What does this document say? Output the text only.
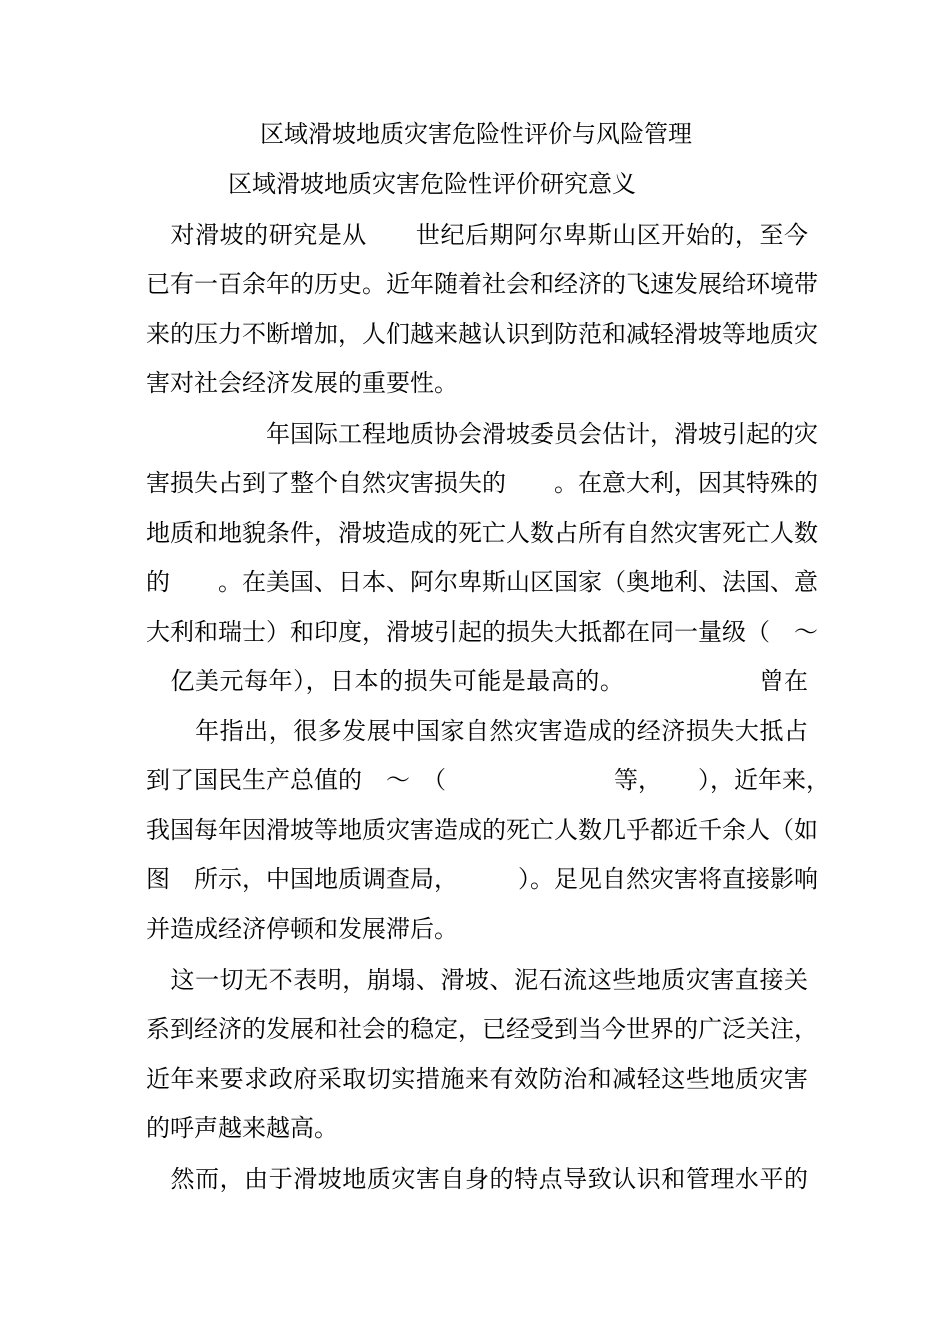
区域滑坡地质灾害危险性评价与风险管理
区域滑坡地质灾害危险性评价研究意义
　对滑坡的研究是从　　世纪后期阿尔卑斯山区开始的，至今
已有一百余年的历史。近年随着社会和经济的飞速发展给环境带
来的压力不断增加，人们越来越认识到防范和减轻滑坡等地质灾
害对社会经济发展的重要性。
　　　　　年国际工程地质协会滑坡委员会估计，滑坡引起的灾
害损失占到了整个自然灾害损失的　　。在意大利，因其特殊的
地质和地貌条件，滑坡造成的死亡人数占所有自然灾害死亡人数
的　　。在美国、日本、阿尔卑斯山区国家（奥地利、法国、意
大利和瑞士）和印度，滑坡引起的损失大抵都在同一量级（　～
　亿美元每年），日本的损失可能是最高的。　　　　　　曾在
　　年指出，很多发展中国家自然灾害造成的经济损失大抵占
到了国民生产总值的　～　（　　　　　　　等，　　），近年来，
我国每年因滑坡等地质灾害造成的死亡人数几乎都近千余人（如
图　所示，中国地质调查局，　　　）。足见自然灾害将直接影响
并造成经济停顿和发展滞后。
　这一切无不表明，崩塌、滑坡、泥石流这些地质灾害直接关
系到经济的发展和社会的稳定，已经受到当今世界的广泛关注，
近年来要求政府采取切实措施来有效防治和减轻这些地质灾害
的呼声越来越高。
　然而，由于滑坡地质灾害自身的特点导致认识和管理水平的
